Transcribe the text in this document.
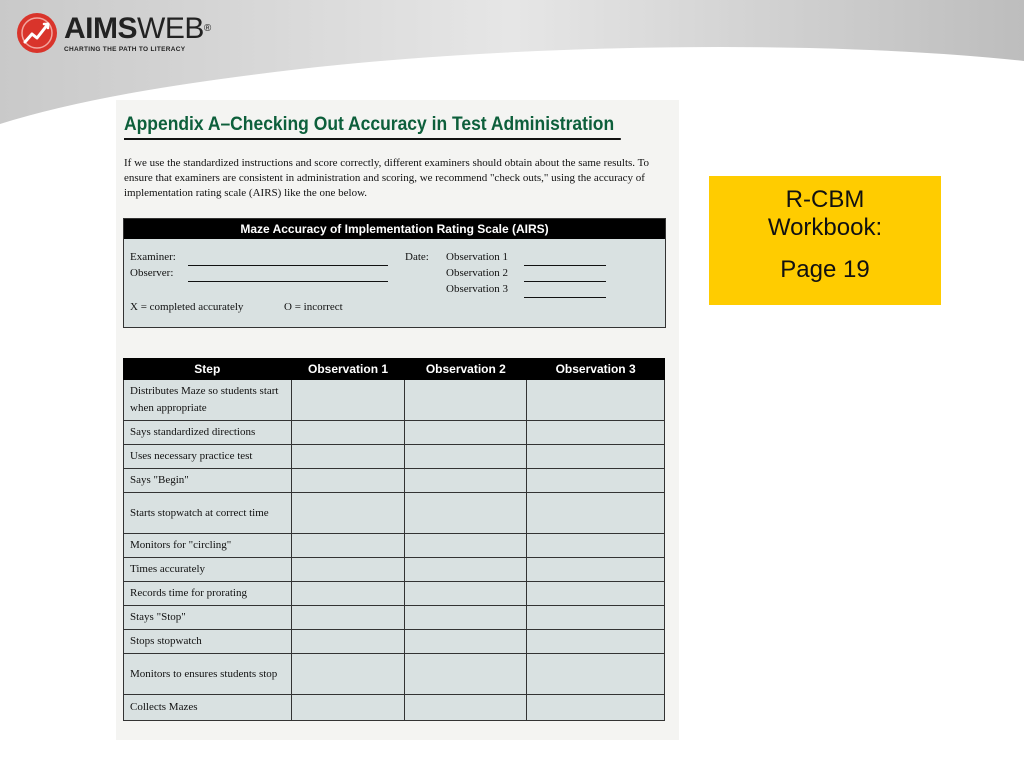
AIMSWEB®
CHARTING THE PATH TO LITERACY
Appendix A–Checking Out Accuracy in Test Administration
If we use the standardized instructions and score correctly, different examiners should obtain about the same results. To ensure that examiners are consistent in administration and scoring, we recommend "check outs," using the accuracy of implementation rating scale (AIRS) like the one below.
Maze Accuracy of Implementation Rating Scale (AIRS)
Examiner:
Observer:
Date: Observation 1
Observation 2
Observation 3
X = completed accurately	O = incorrect
Step	Observation 1	Observation 2	Observation 3
Distributes Maze so students start when appropriate			
Says standardized directions			
Uses necessary practice test			
Says "Begin"			
Starts stopwatch at correct time			
Monitors for "circling"			
Times accurately			
Records time for prorating			
Stays "Stop"			
Stops stopwatch			
Monitors to ensures students stop			
Collects Mazes			
R-CBM
Workbook:
Page 19
